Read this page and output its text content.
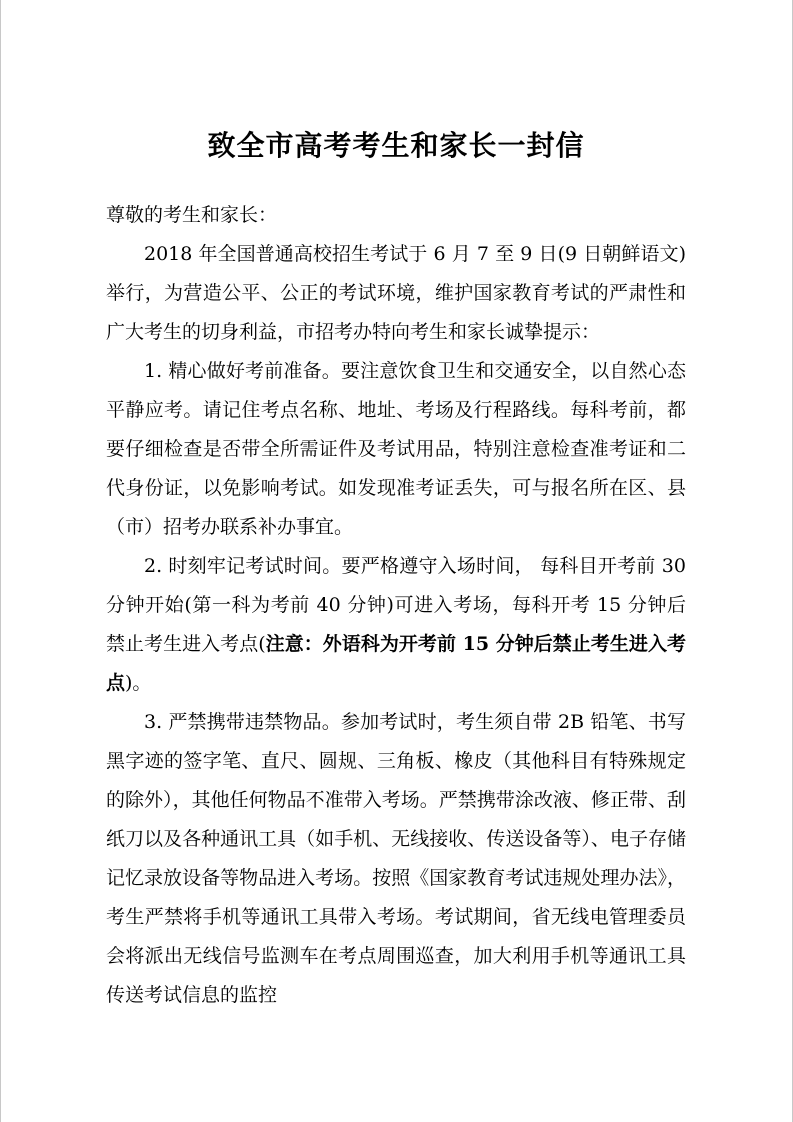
致全市高考考生和家长一封信

尊敬的考生和家长：

2018 年全国普通高校招生考试于 6 月 7 至 9 日(9 日朝鲜语文)举行，为营造公平、公正的考试环境，维护国家教育考试的严肃性和广大考生的切身利益，市招考办特向考生和家长诚挚提示：

1. 精心做好考前准备。要注意饮食卫生和交通安全，以自然心态平静应考。请记住考点名称、地址、考场及行程路线。每科考前，都要仔细检查是否带全所需证件及考试用品，特别注意检查准考证和二代身份证，以免影响考试。如发现准考证丢失，可与报名所在区、县（市）招考办联系补办事宜。

2. 时刻牢记考试时间。要严格遵守入场时间， 每科目开考前 30 分钟开始(第一科为考前 40 分钟)可进入考场，每科开考 15 分钟后禁止考生进入考点(注意：外语科为开考前 15 分钟后禁止考生进入考点)。

3. 严禁携带违禁物品。参加考试时，考生须自带 2B 铅笔、书写黑字迹的签字笔、直尺、圆规、三角板、橡皮（其他科目有特殊规定的除外），其他任何物品不准带入考场。严禁携带涂改液、修正带、刮纸刀以及各种通讯工具（如手机、无线接收、传送设备等）、电子存储记忆录放设备等物品进入考场。按照《国家教育考试违规处理办法》，考生严禁将手机等通讯工具带入考场。考试期间，省无线电管理委员会将派出无线信号监测车在考点周围巡查，加大利用手机等通讯工具传送考试信息的监控
